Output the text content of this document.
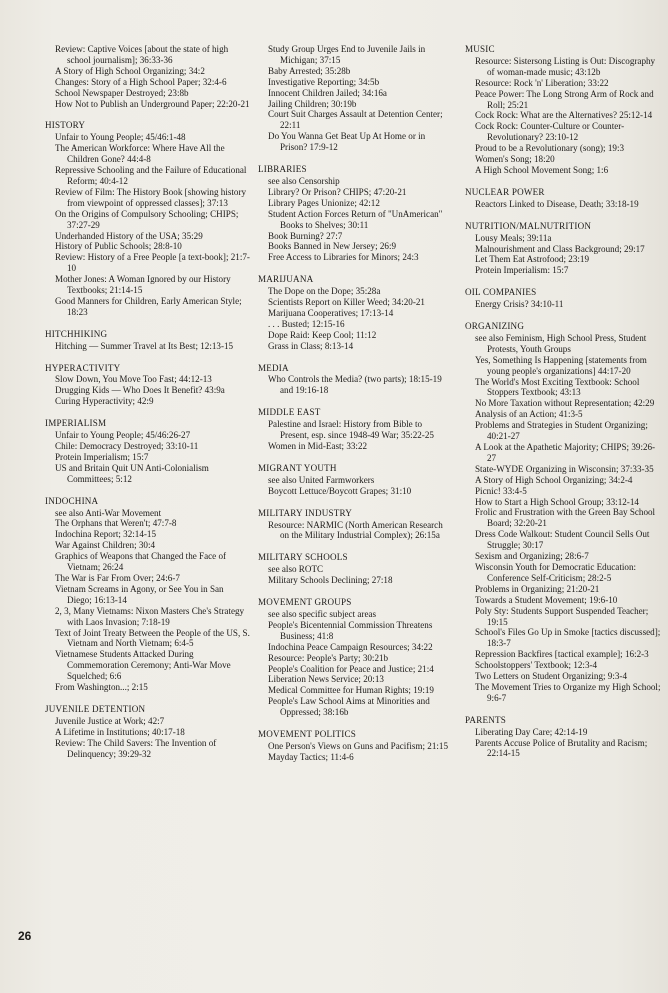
Review: Captive Voices [about the state of high school journalism]; 36:33-36
A Story of High School Organizing; 34:2
Changes: Story of a High School Paper; 32:4-6
School Newspaper Destroyed; 23:8b
How Not to Publish an Underground Paper; 22:20-21
HISTORY
Unfair to Young People; 45/46:1-48
The American Workforce: Where Have All the Children Gone? 44:4-8
Repressive Schooling and the Failure of Educational Reform; 40:4-12
Review of Film: The History Book [showing history from viewpoint of oppressed classes]; 37:13
On the Origins of Compulsory Schooling; CHIPS; 37:27-29
Underhanded History of the USA; 35:29
History of Public Schools; 28:8-10
Review: History of a Free People [a text-book]; 21:7-10
Mother Jones: A Woman Ignored by our History Textbooks; 21:14-15
Good Manners for Children, Early American Style; 18:23
HITCHHIKING
Hitching — Summer Travel at Its Best; 12:13-15
HYPERACTIVITY
Slow Down, You Move Too Fast; 44:12-13
Drugging Kids — Who Does It Benefit? 43:9a
Curing Hyperactivity; 42:9
IMPERIALISM
Unfair to Young People; 45/46:26-27
Chile: Democracy Destroyed; 33:10-11
Protein Imperialism; 15:7
US and Britain Quit UN Anti-Colonialism Committees; 5:12
INDOCHINA
see also Anti-War Movement
The Orphans that Weren't; 47:7-8
Indochina Report; 32:14-15
War Against Children; 30:4
Graphics of Weapons that Changed the Face of Vietnam; 26:24
The War is Far From Over; 24:6-7
Vietnam Screams in Agony, or See You in San Diego; 16:13-14
2, 3, Many Vietnams: Nixon Masters Che's Strategy with Laos Invasion; 7:18-19
Text of Joint Treaty Between the People of the US, S. Vietnam and North Vietnam; 6:4-5
Vietnamese Students Attacked During Commemoration Ceremony; Anti-War Move Squelched; 6:6
From Washington...; 2:15
JUVENILE DETENTION
Juvenile Justice at Work; 42:7
A Lifetime in Institutions; 40:17-18
Review: The Child Savers: The Invention of Delinquency; 39:29-32
Study Group Urges End to Juvenile Jails in Michigan; 37:15
Baby Arrested; 35:28b
Investigative Reporting; 34:5b
Innocent Children Jailed; 34:16a
Jailing Children; 30:19b
Court Suit Charges Assault at Detention Center; 22:11
Do You Wanna Get Beat Up At Home or in Prison? 17:9-12
LIBRARIES
see also Censorship
Library? Or Prison? CHIPS; 47:20-21
Library Pages Unionize; 42:12
Student Action Forces Return of "UnAmerican" Books to Shelves; 30:11
Book Burning? 27:7
Books Banned in New Jersey; 26:9
Free Access to Libraries for Minors; 24:3
MARIJUANA
The Dope on the Dope; 35:28a
Scientists Report on Killer Weed; 34:20-21
Marijuana Cooperatives; 17:13-14
. . . Busted; 12:15-16
Dope Raid: Keep Cool; 11:12
Grass in Class; 8:13-14
MEDIA
Who Controls the Media? (two parts); 18:15-19 and 19:16-18
MIDDLE EAST
Palestine and Israel: History from Bible to Present, esp. since 1948-49 War; 35:22-25
Women in Mid-East; 33:22
MIGRANT YOUTH
see also United Farmworkers
Boycott Lettuce/Boycott Grapes; 31:10
MILITARY INDUSTRY
Resource: NARMIC (North American Research on the Military Industrial Complex); 26:15a
MILITARY SCHOOLS
see also ROTC
Military Schools Declining; 27:18
MOVEMENT GROUPS
see also specific subject areas
People's Bicentennial Commission Threatens Business; 41:8
Indochina Peace Campaign Resources; 34:22
Resource: People's Party; 30:21b
People's Coalition for Peace and Justice; 21:4
Liberation News Service; 20:13
Medical Committee for Human Rights; 19:19
People's Law School Aims at Minorities and Oppressed; 38:16b
MOVEMENT POLITICS
One Person's Views on Guns and Pacifism; 21:15
Mayday Tactics; 11:4-6
MUSIC
Resource: Sistersong Listing is Out: Discography of woman-made music; 43:12b
Resource: Rock 'n' Liberation; 33:22
Peace Power: The Long Strong Arm of Rock and Roll; 25:21
Cock Rock: What are the Alternatives? 25:12-14
Cock Rock: Counter-Culture or Counter-Revolutionary? 23:10-12
Proud to be a Revolutionary (song); 19:3
Women's Song; 18:20
A High School Movement Song; 1:6
NUCLEAR POWER
Reactors Linked to Disease, Death; 33:18-19
NUTRITION/MALNUTRITION
Lousy Meals; 39:11a
Malnourishment and Class Background; 29:17
Let Them Eat Astrofood; 23:19
Protein Imperialism: 15:7
OIL COMPANIES
Energy Crisis? 34:10-11
ORGANIZING
see also Feminism, High School Press, Student Protests, Youth Groups
Yes, Something Is Happening [statements from young people's organizations] 44:17-20
The World's Most Exciting Textbook: School Stoppers Textbook; 43:13
No More Taxation without Representation; 42:29
Analysis of an Action; 41:3-5
Problems and Strategies in Student Organizing; 40:21-27
A Look at the Apathetic Majority; CHIPS; 39:26-27
State-WYDE Organizing in Wisconsin; 37:33-35
A Story of High School Organizing; 34:2-4
Picnic! 33:4-5
How to Start a High School Group; 33:12-14
Frolic and Frustration with the Green Bay School Board; 32:20-21
Dress Code Walkout: Student Council Sells Out Struggle; 30:17
Sexism and Organizing; 28:6-7
Wisconsin Youth for Democratic Education: Conference Self-Criticism; 28:2-5
Problems in Organizing; 21:20-21
Towards a Student Movement; 19:6-10
Poly Sty: Students Support Suspended Teacher; 19:15
School's Files Go Up in Smoke [tactics discussed]; 18:3-7
Repression Backfires [tactical example]; 16:2-3
Schoolstoppers' Textbook; 12:3-4
Two Letters on Student Organizing; 9:3-4
The Movement Tries to Organize my High School; 9:6-7
PARENTS
Liberating Day Care; 42:14-19
Parents Accuse Police of Brutality and Racism; 22:14-15
26
